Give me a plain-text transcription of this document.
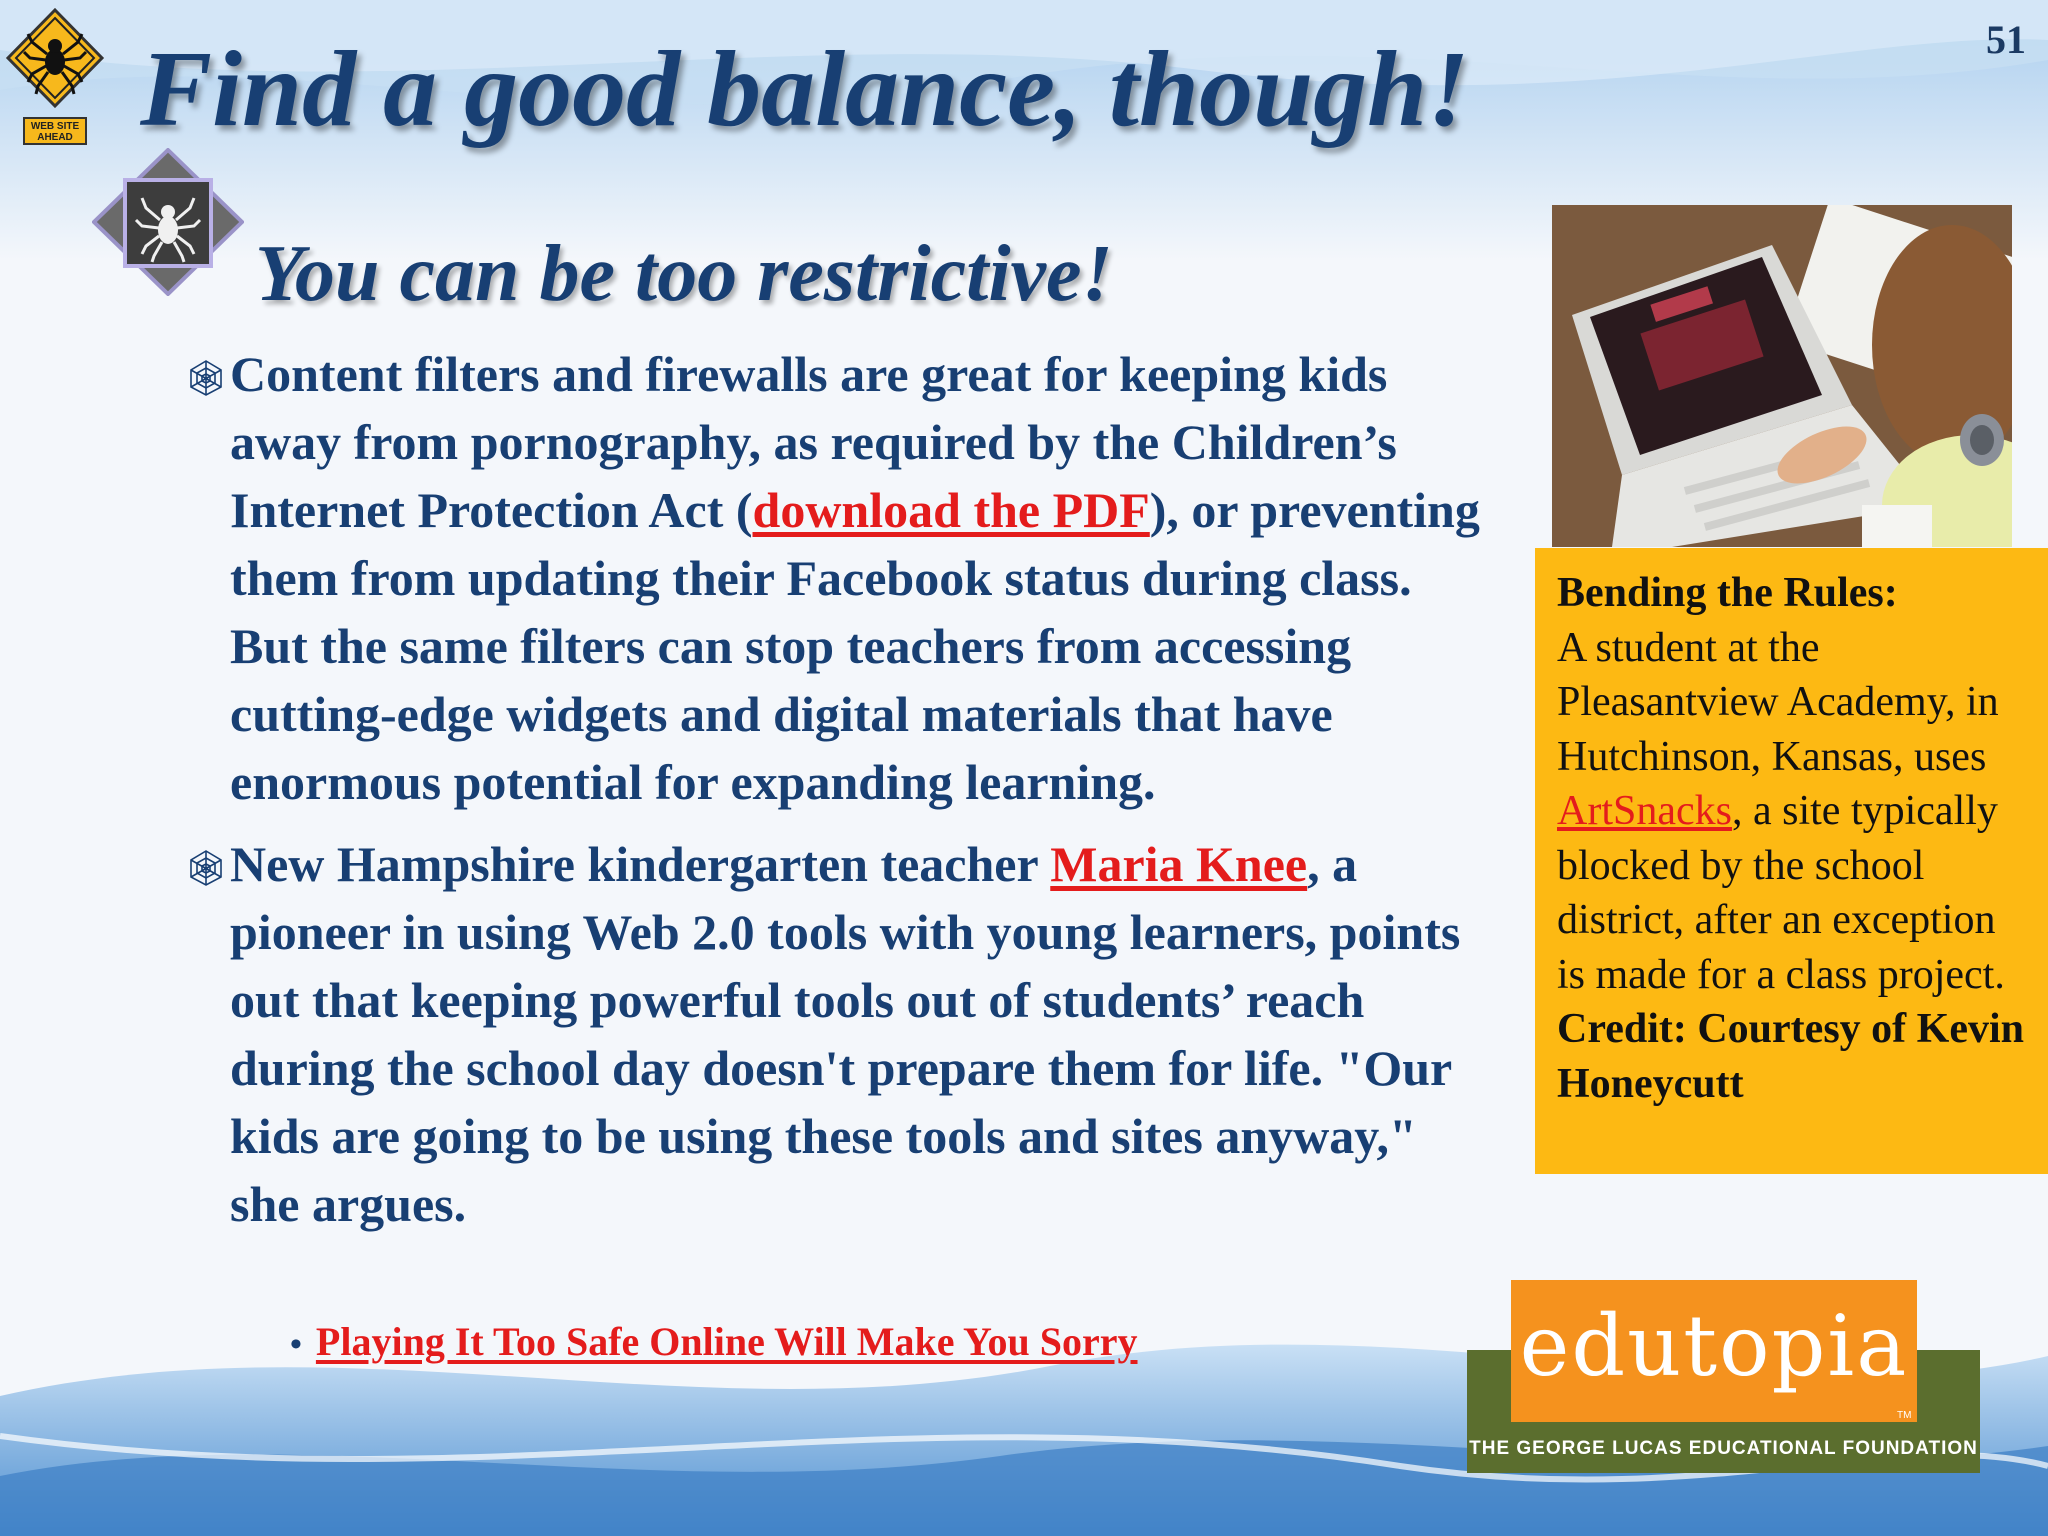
51
WEB SITE
AHEAD Find a good balance, though!
You can be too restrictive!

Content filters and firewalls are great for keeping kids away from pornography, as required by the Children’s Internet Protection Act (download the PDF), or preventing them from updating their Facebook status during class. But the same filters can stop teachers from accessing cutting-edge widgets and digital materials that have enormous potential for expanding learning.

New Hampshire kindergarten teacher Maria Knee, a pioneer in using Web 2.0 tools with young learners, points out that keeping powerful tools out of students’ reach during the school day doesn't prepare them for life. "Our kids are going to be using these tools and sites anyway," she argues.

• Playing It Too Safe Online Will Make You Sorry
Bending the Rules:
A student at the Pleasantview Academy, in Hutchinson, Kansas, uses ArtSnacks, a site typically blocked by the school district, after an exception is made for a class project.
Credit: Courtesy of Kevin Honeycutt
edutopia
TM
THE GEORGE LUCAS EDUCATIONAL FOUNDATION
